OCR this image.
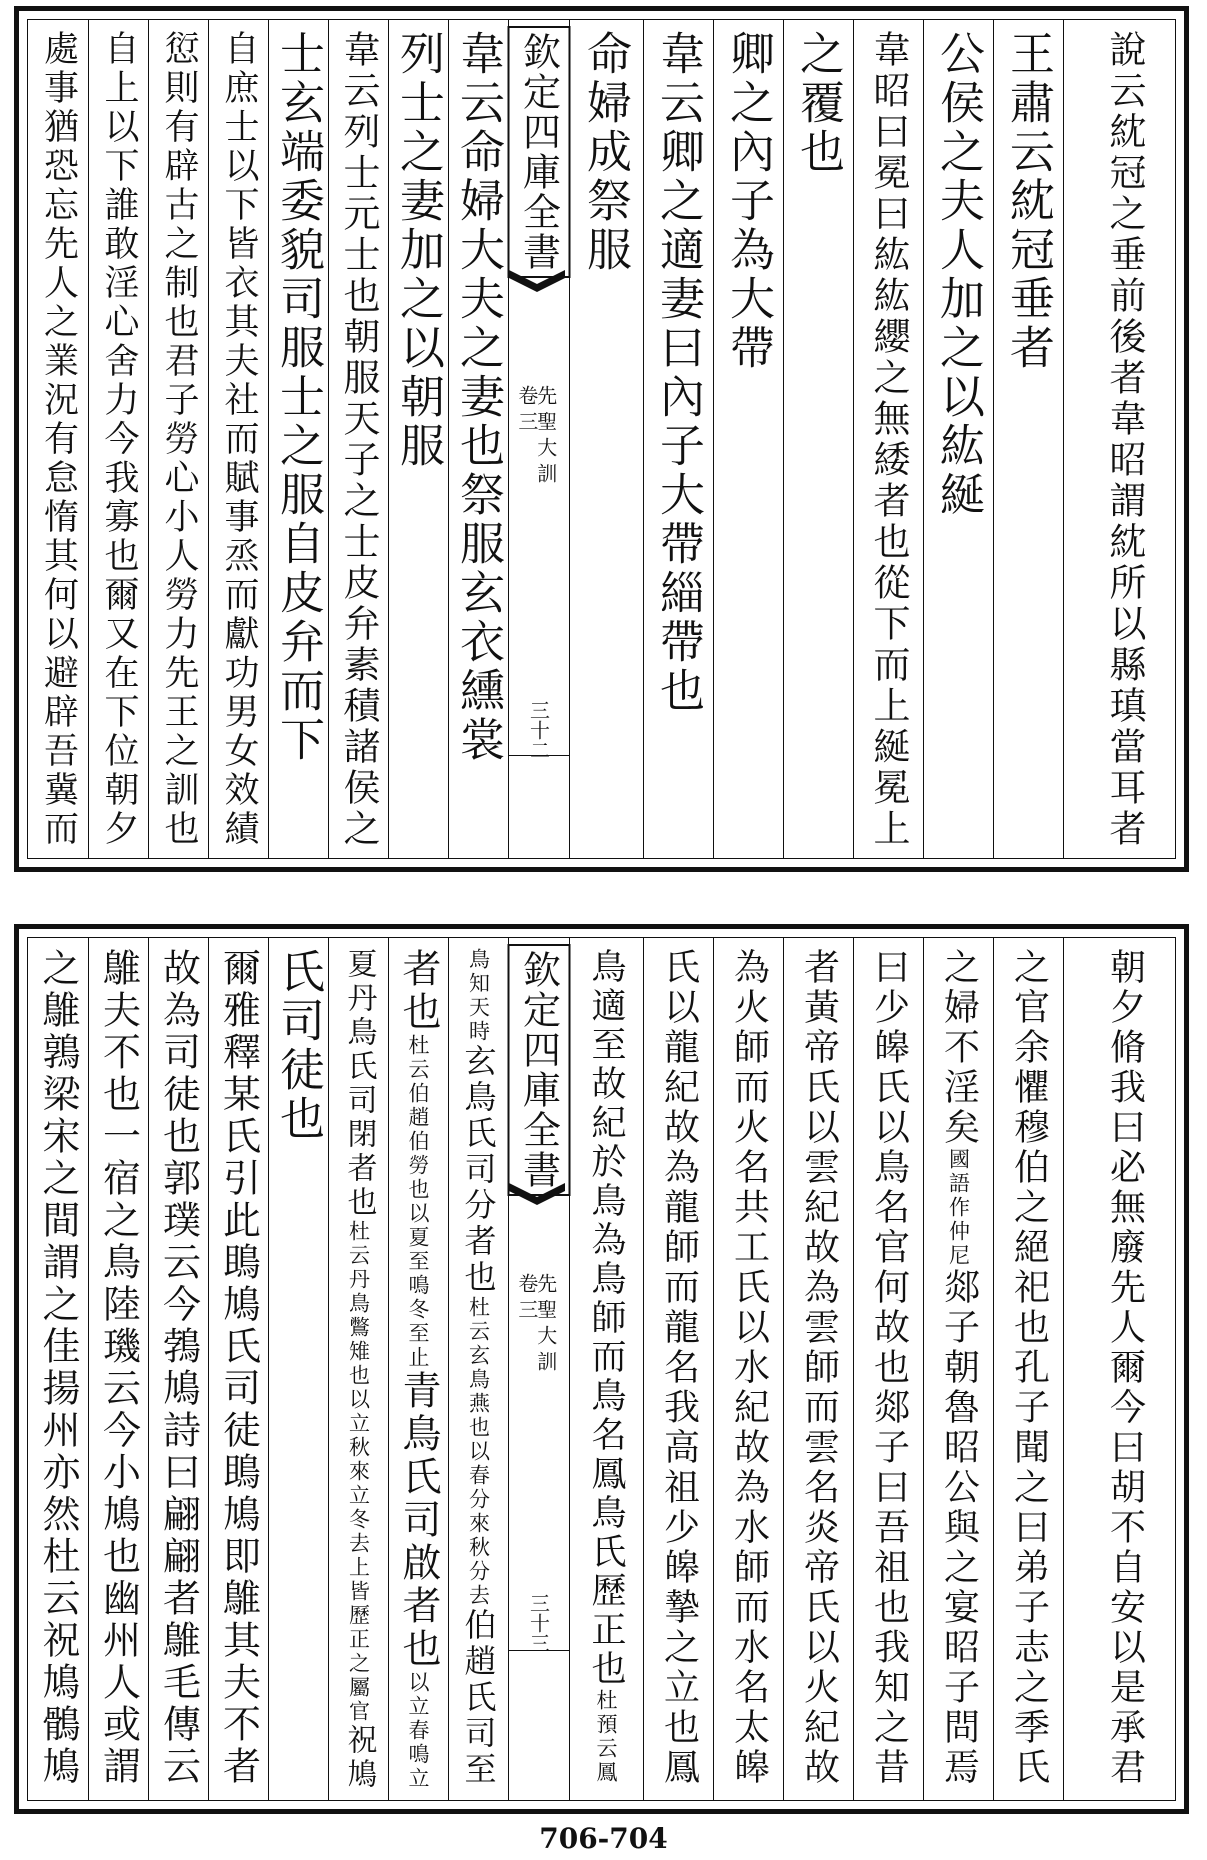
處事猶恐忘先人之業況有怠惰其何以避辟吾冀而 自上以下誰敢淫心舍力今我寡也爾又在下位朝夕 愆則有辟古之制也君子勞心小人勞力先王之訓也 自庶士以下皆衣其夫社而賦事烝而獻功男女效績 士玄端委貌司服士之服自皮弁而下 韋云列士元士也朝服天子之士皮弁素積諸侯之 列士之妻加之以朝服 韋云命婦大夫之妻也祭服玄衣纁裳 欽定四庫全書
先聖大訓
卷三
三十二
命婦成祭服 韋云卿之適妻曰內子大帶緇帶也 卿之內子為大帶 之覆也 韋昭曰冕曰紘紘纓之無緌者也從下而上綖冕上 公侯之夫人加之以紘綖 王肅云紞冠垂者 說云紞冠之垂前後者韋昭謂紞所以縣瑱當耳者
之鵻鶉梁宋之間謂之佳揚州亦然杜云祝鳩鶻鳩 鵻夫不也一宿之鳥陸璣云今小鳩也幽州人或謂 故為司徒也郭璞云今鵓鳩詩曰翩翩者鵻毛傳云 爾雅釋某氏引此鴡鳩氏司徒鴡鳩即鵻其夫不者 氏司徒也 夏丹鳥氏司閉者也杜云丹鳥鷩雉也以立秋來立冬去上皆歷正之屬官祝鳩
者也杜云伯趙伯勞也以夏至鳴冬至止青鳥氏司啟者也以立春鳴立
鳥知天時玄鳥氏司分者也杜云玄鳥燕也以春分來秋分去伯趙氏司至
欽定四庫全書
先聖大訓
卷三
三十三 鳥適至故紀於鳥為鳥師而鳥名鳳鳥氏歷正也杜預云鳳 氏以龍紀故為龍師而龍名我高祖少皞摯之立也鳳 為火師而火名共工氏以水紀故為水師而水名太皞 者黃帝氏以雲紀故為雲師而雲名炎帝氏以火紀故 曰少皞氏以鳥名官何故也郯子曰吾祖也我知之昔 之婦不淫矣國語作仲尼郯子朝魯昭公與之宴昭子問焉 之官余懼穆伯之絕祀也孔子聞之曰弟子志之季氏 朝夕脩我曰必無廢先人爾今曰胡不自安以是承君
706-704
